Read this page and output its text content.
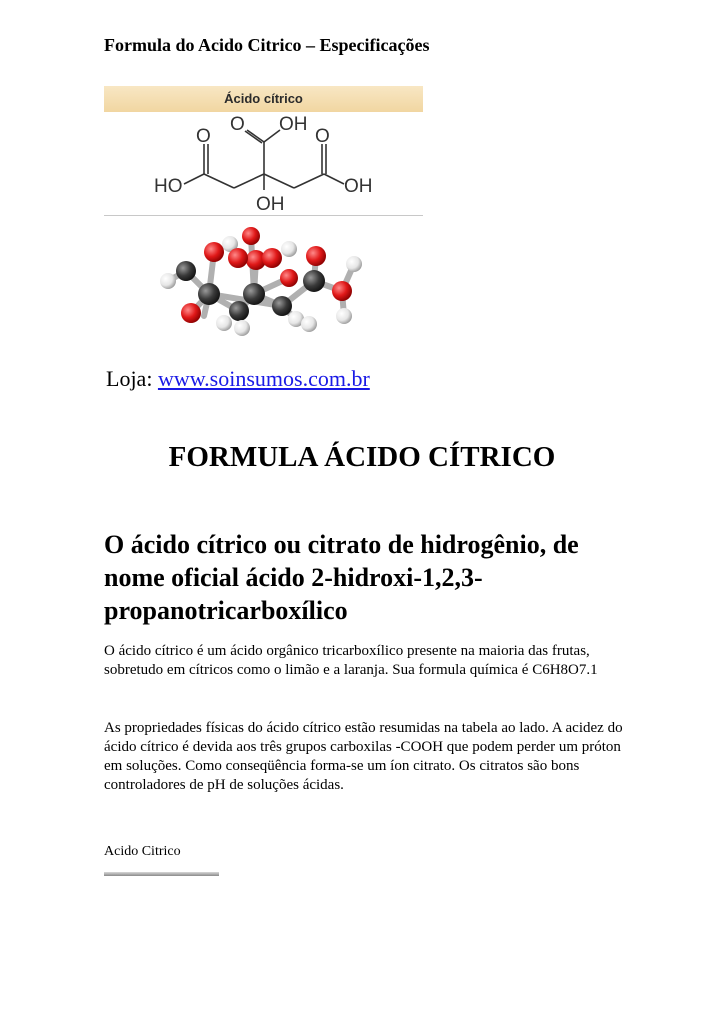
Formula do Acido Citrico – Especificações
Ácido cítrico
O OH
O	O
HO	OH
OH
Loja: www.soinsumos.com.br
FORMULA ÁCIDO CÍTRICO
O ácido cítrico ou citrato de hidrogênio, de nome oficial ácido 2-hidroxi-1,2,3-propanotricarboxílico

O ácido cítrico é um ácido orgânico tricarboxílico presente na maioria das frutas, sobretudo em cítricos como o limão e a laranja. Sua formula química é C6H8O7.1

As propriedades físicas do ácido cítrico estão resumidas na tabela ao lado. A acidez do ácido cítrico é devida aos três grupos carboxilas -COOH que podem perder um próton em soluções. Como conseqüência forma-se um íon citrato. Os citratos são bons controladores de pH de soluções ácidas.

Acido Citrico
